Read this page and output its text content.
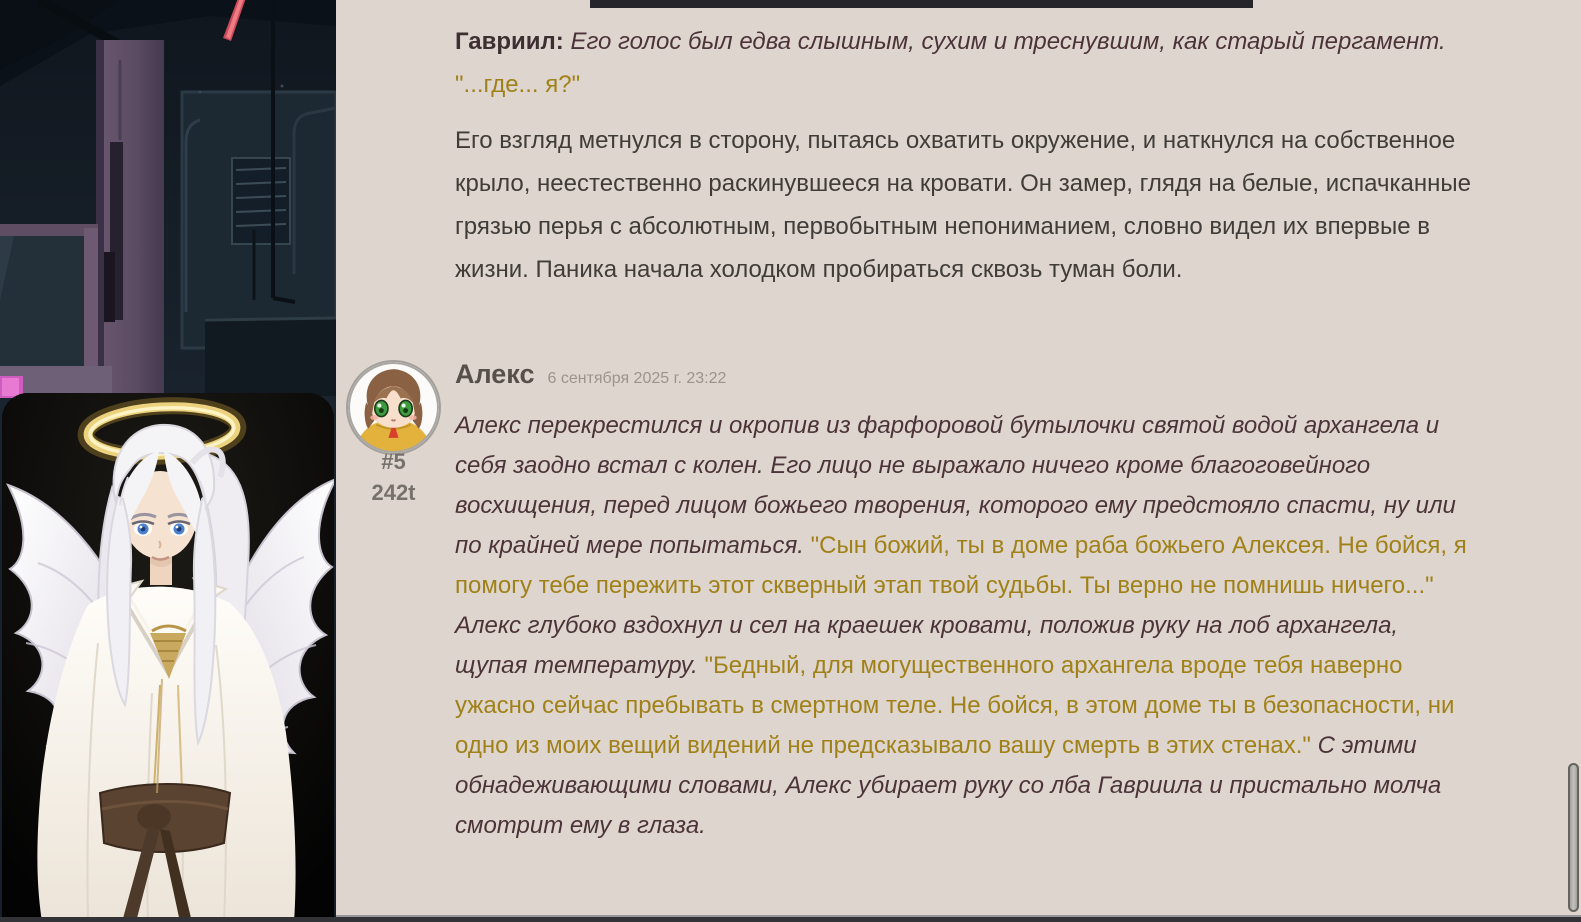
Гавриил: Его голос был едва слышным, сухим и треснувшим, как старый пергамент. "...где... я?"
Его взгляд метнулся в сторону, пытаясь охватить окружение, и наткнулся на собственное крыло, неестественно раскинувшееся на кровати. Он замер, глядя на белые, испачканные грязью перья с абсолютным, первобытным непониманием, словно видел их впервые в жизни. Паника начала холодком пробираться сквозь туман боли.
Алекс 6 сентября 2025 г. 23:22
#5
242t
Алекс перекрестился и окропив из фарфоровой бутылочки святой водой архангела и себя заодно встал с колен. Его лицо не выражало ничего кроме благоговейного восхищения, перед лицом божьего творения, которого ему предстояло спасти, ну или по крайней мере попытаться. "Сын божий, ты в доме раба божьего Алексея. Не бойся, я помогу тебе пережить этот скверный этап твой судьбы. Ты верно не помнишь ничего..." Алекс глубоко вздохнул и сел на краешек кровати, положив руку на лоб архангела, щупая температуру. "Бедный, для могущественного архангела вроде тебя наверно ужасно сейчас пребывать в смертном теле. Не бойся, в этом доме ты в безопасности, ни одно из моих вещий видений не предсказывало вашу смерть в этих стенах." С этими обнадеживающими словами, Алекс убирает руку со лба Гавриила и пристально молча смотрит ему в глаза.
